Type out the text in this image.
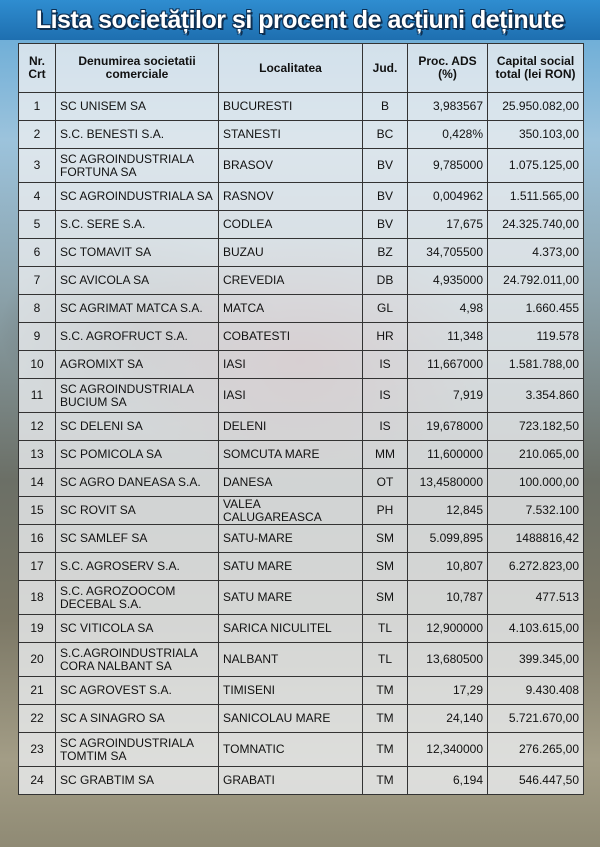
Lista societăților și procent de acțiuni deținute
Nr. Crt	Denumirea societatii comerciale	Localitatea	Jud.	Proc. ADS (%)	Capital social total (lei RON)
1	SC UNISEM SA	BUCURESTI	B	3,983567	25.950.082,00
2	S.C. BENESTI S.A.	STANESTI	BC	0,428%	350.103,00
3	SC AGROINDUSTRIALA FORTUNA SA	BRASOV	BV	9,785000	1.075.125,00
4	SC AGROINDUSTRIALA SA	RASNOV	BV	0,004962	1.511.565,00
5	S.C. SERE S.A.	CODLEA	BV	17,675	24.325.740,00
6	SC TOMAVIT SA	BUZAU	BZ	34,705500	4.373,00
7	SC AVICOLA SA	CREVEDIA	DB	4,935000	24.792.011,00
8	SC AGRIMAT MATCA S.A.	MATCA	GL	4,98	1.660.455
9	S.C. AGROFRUCT S.A.	COBATESTI	HR	11,348	119.578
10	AGROMIXT SA	IASI	IS	11,667000	1.581.788,00
11	SC AGROINDUSTRIALA BUCIUM SA	IASI	IS	7,919	3.354.860
12	SC DELENI SA	DELENI	IS	19,678000	723.182,50
13	SC POMICOLA SA	SOMCUTA MARE	MM	11,600000	210.065,00
14	SC AGRO DANEASA S.A.	DANESA	OT	13,4580000	100.000,00
15	SC ROVIT SA	VALEA CALUGAREASCA	PH	12,845	7.532.100
16	SC SAMLEF SA	SATU-MARE	SM	5.099,895	1488816,42
17	S.C. AGROSERV S.A.	SATU MARE	SM	10,807	6.272.823,00
18	S.C. AGROZOOCOM DECEBAL S.A.	SATU MARE	SM	10,787	477.513
19	SC VITICOLA SA	SARICA NICULITEL	TL	12,900000	4.103.615,00
20	S.C.AGROINDUSTRIALA CORA NALBANT SA	NALBANT	TL	13,680500	399.345,00
21	SC AGROVEST S.A.	TIMISENI	TM	17,29	9.430.408
22	SC A SINAGRO SA	SANICOLAU MARE	TM	24,140	5.721.670,00
23	SC AGROINDUSTRIALA TOMTIM SA	TOMNATIC	TM	12,340000	276.265,00
24	SC GRABTIM SA	GRABATI	TM	6,194	546.447,50
